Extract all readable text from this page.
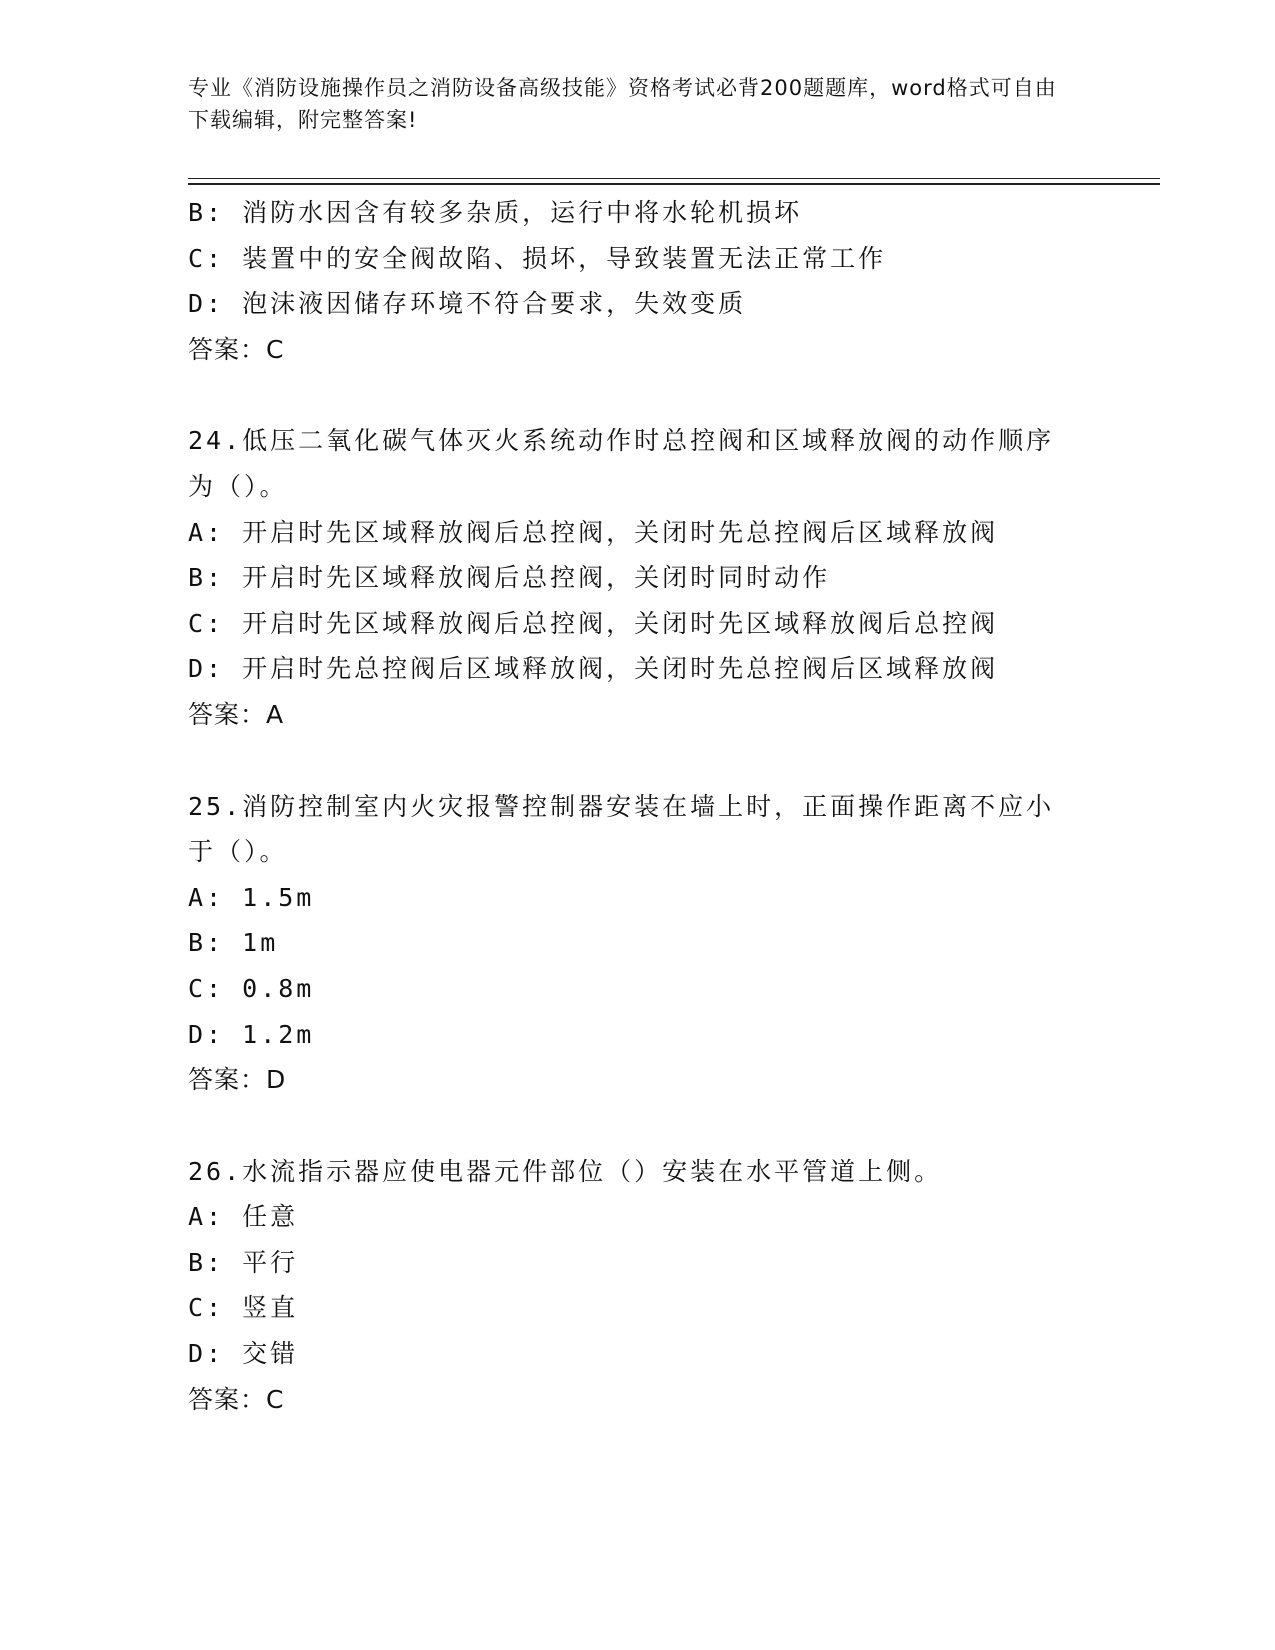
专业《消防设施操作员之消防设备高级技能》资格考试必背200题题库，word格式可自由下载编辑，附完整答案!
B: 消防水因含有较多杂质，运行中将水轮机损坏
C: 装置中的安全阀故陷、损坏，导致装置无法正常工作
D: 泡沫液因储存环境不符合要求，失效变质
答案：C
24.低压二氧化碳气体灭火系统动作时总控阀和区域释放阀的动作顺序
为（）。
A: 开启时先区域释放阀后总控阀，关闭时先总控阀后区域释放阀
B: 开启时先区域释放阀后总控阀，关闭时同时动作
C: 开启时先区域释放阀后总控阀，关闭时先区域释放阀后总控阀
D: 开启时先总控阀后区域释放阀，关闭时先总控阀后区域释放阀
答案：A
25.消防控制室内火灾报警控制器安装在墙上时，正面操作距离不应小
于（）。
A: 1.5m
B: 1m
C: 0.8m
D: 1.2m
答案：D
26.水流指示器应使电器元件部位（）安装在水平管道上侧。
A: 任意
B: 平行
C: 竖直
D: 交错
答案：C
